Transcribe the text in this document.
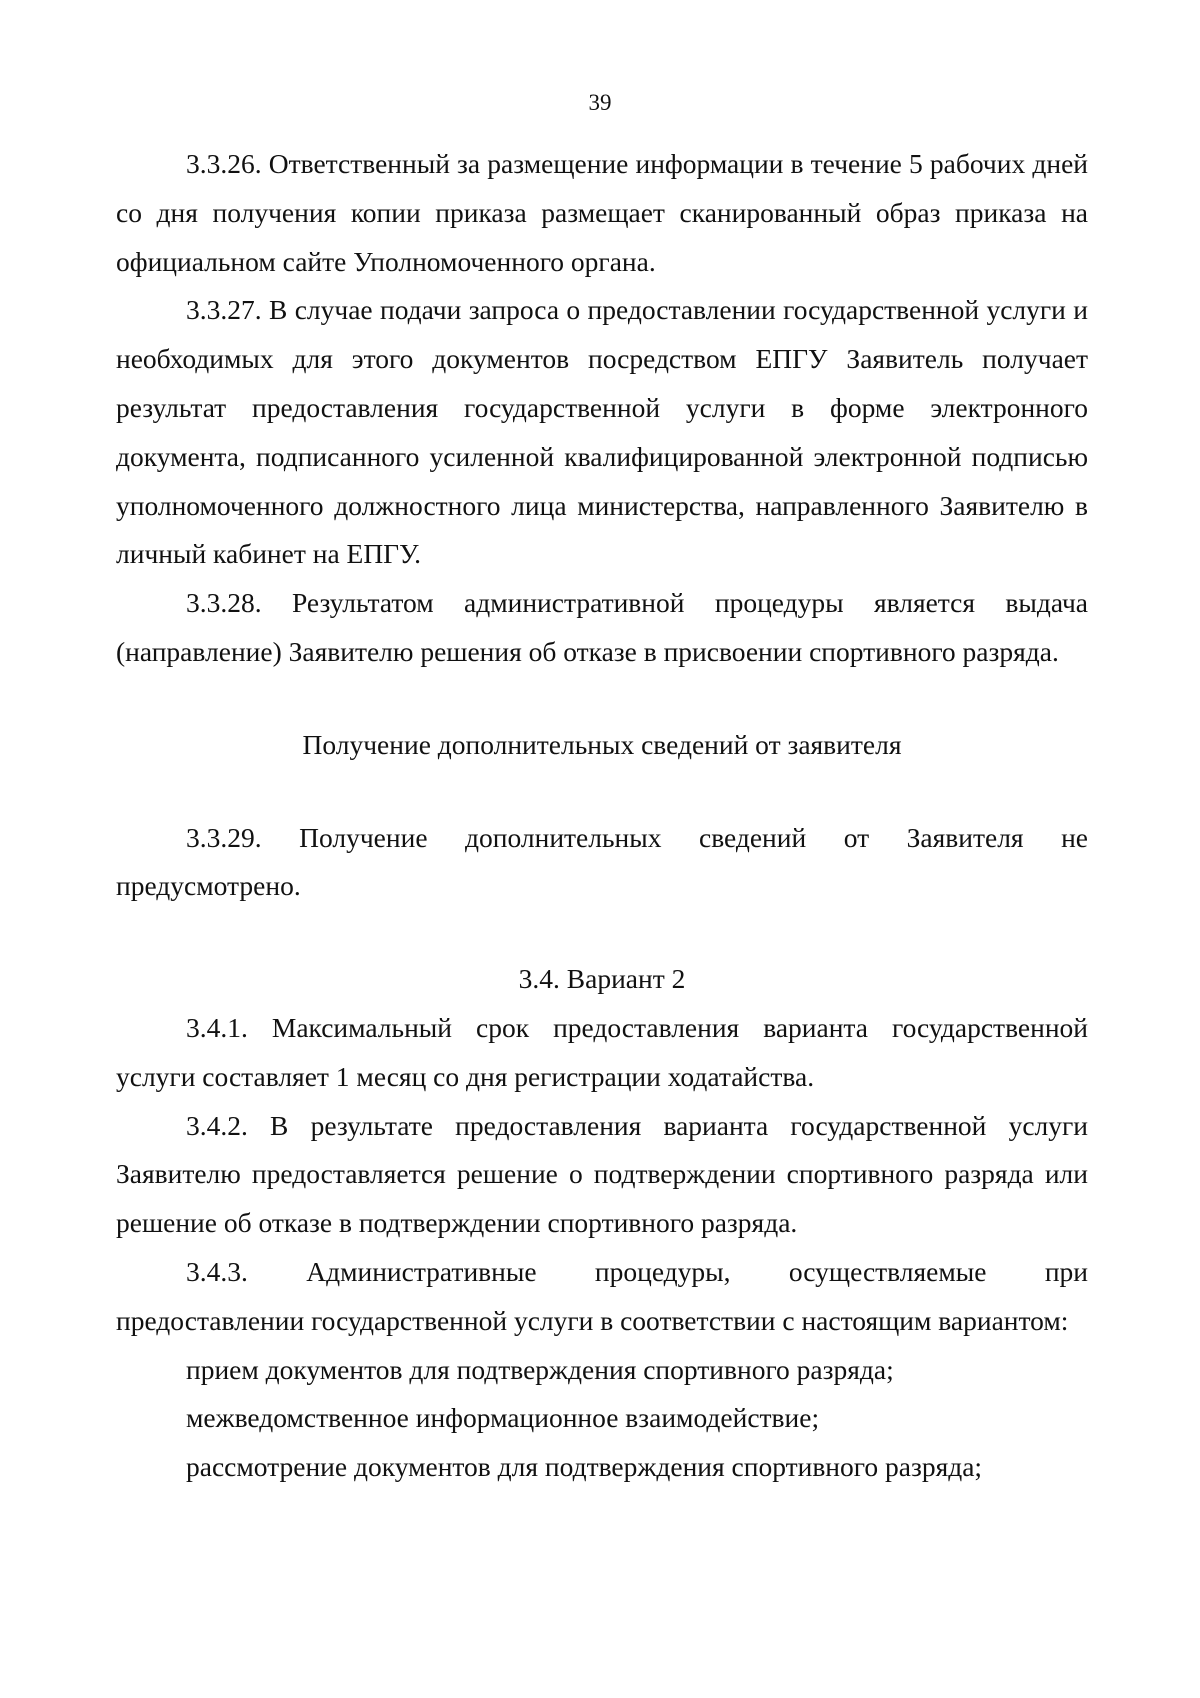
39

3.3.26. Ответственный за размещение информации в течение 5 рабочих дней со дня получения копии приказа размещает сканированный образ приказа на официальном сайте Уполномоченного органа.

3.3.27. В случае подачи запроса о предоставлении государственной услуги и необходимых для этого документов посредством ЕПГУ Заявитель получает результат предоставления государственной услуги в форме электронного документа, подписанного усиленной квалифицированной электронной подписью уполномоченного должностного лица министерства, направленного Заявителю в личный кабинет на ЕПГУ.

3.3.28. Результатом административной процедуры является выдача (направление) Заявителю решения об отказе в присвоении спортивного разряда.

Получение дополнительных сведений от заявителя

3.3.29. Получение дополнительных сведений от Заявителя не

предусмотрено.

3.4. Вариант 2

3.4.1. Максимальный срок предоставления варианта государственной услуги составляет 1 месяц со дня регистрации ходатайства.

3.4.2. В результате предоставления варианта государственной услуги Заявителю предоставляется решение о подтверждении спортивного разряда или решение об отказе в подтверждении спортивного разряда.

3.4.3. Административные процедуры, осуществляемые при

предоставлении государственной услуги в соответствии с настоящим вариантом:

прием документов для подтверждения спортивного разряда;

межведомственное информационное взаимодействие;

рассмотрение документов для подтверждения спортивного разряда;
